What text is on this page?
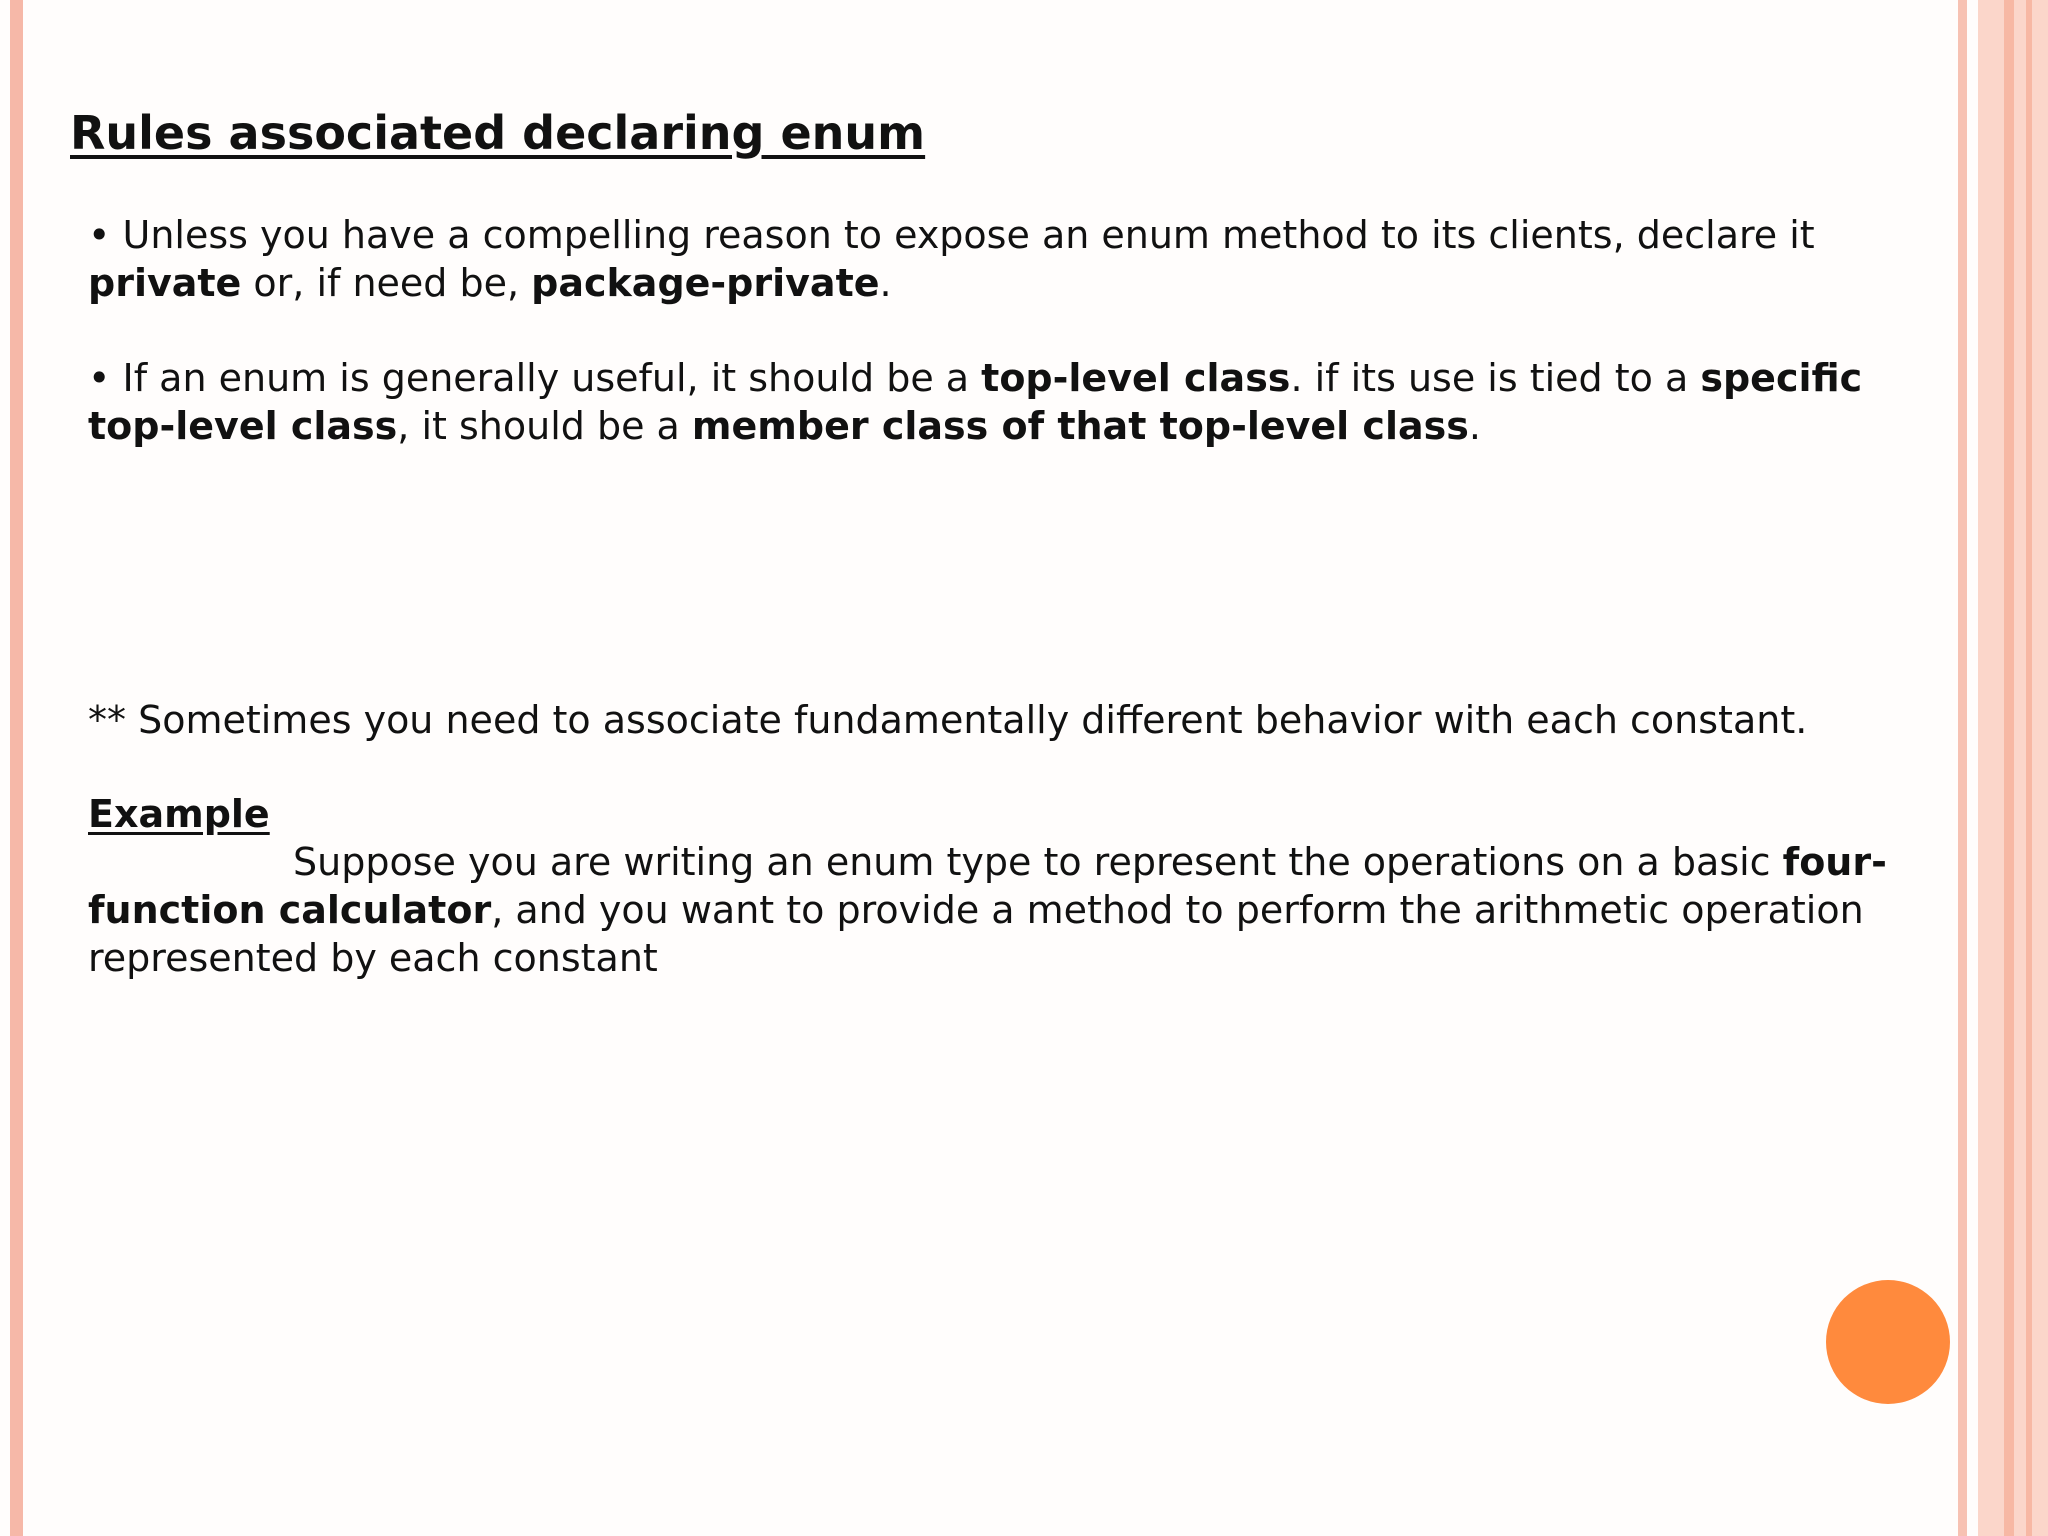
Rules associated declaring enum

• Unless you have a compelling reason to expose an enum method to its clients, declare it private or, if need be, package-private.

• If an enum is generally useful, it should be a top-level class. if its use is tied to a specific top-level class, it should be a member class of that top-level class.

** Sometimes you need to associate fundamentally different behavior with each constant.

Example

Suppose you are writing an enum type to represent the operations on a basic four-function calculator, and you want to provide a method to perform the arithmetic operation represented by each constant
